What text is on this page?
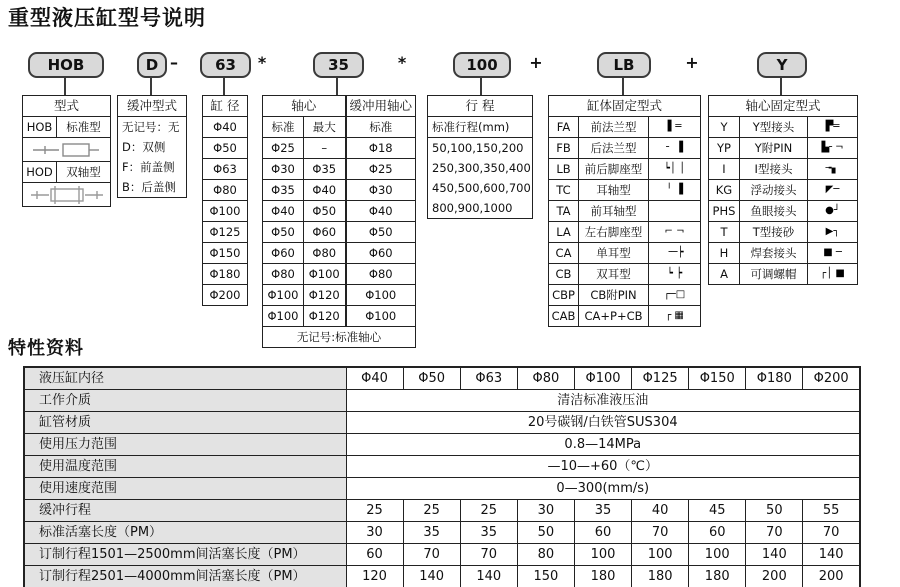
重型液压缸型号说明
特性资料
HOB	D –	63	*	35	*	100	+	LB	+	Y
型式	
HOB	标准型

HOD	双轴型

缓冲型式
无记号：无
D：双侧
F：前盖侧
B：后盖侧
缸 径
Φ40
Φ50
Φ63
Φ80
Φ100
Φ125
Φ150
Φ180
Φ200
轴心		缓冲用轴心
标准	最大	标准
Φ25	–	Φ18
Φ30	Φ35	Φ25
Φ35	Φ40	Φ30
Φ40	Φ50	Φ40
Φ50	Φ60	Φ50
Φ60	Φ80	Φ60
Φ80	Φ100	Φ80
Φ100	Φ120	Φ100
Φ100	Φ120	Φ100
无记号:标准轴心		
行 程
标准行程(mm)
50,100,150,200
250,300,350,400
450,500,600,700
800,900,1000
缸体固定型式		
FA	前法兰型	▌═
FB	后法兰型	╴ ▐
LB	前后脚座型	┕│ │
TC	耳轴型	╵ ▐
TA	前耳轴型	
LA	左右脚座型	⌐ ¬
CA	单耳型	╶─┝
CB	双耳型	┕ ┝
CBP	CB附PIN	┌─□
CAB	CA+P+CB	┌ ▦
轴心固定型式		
Y	Y型接头	▛═
YP	Y附PIN	▙╴¬
I	I型接头	╼▖
KG	浮动接头	◤─
PHS	鱼眼接头	●┘
T	T型接砂	▶┐
H	焊套接头	■ ─
A	可调螺帽	┌│ ■
液压缸内径	Φ40	Φ50	Φ63	Φ80	Φ100	Φ125	Φ150	Φ180	Φ200
工作介质	清洁标准液压油								
缸管材质	20号碳钢/白铁管SUS304								
使用压力范围	0.8—14MPa								
使用温度范围	—10—+60（℃）								
使用速度范围	0—300(mm/s)								
缓冲行程	25	25	25	30	35	40	45	50	55
标准活塞长度（PM）	30	35	35	50	60	70	60	70	70
订制行程1501—2500mm间活塞长度（PM）	60	70	70	80	100	100	100	140	140
订制行程2501—4000mm间活塞长度（PM）	120	140	140	150	180	180	180	200	200
